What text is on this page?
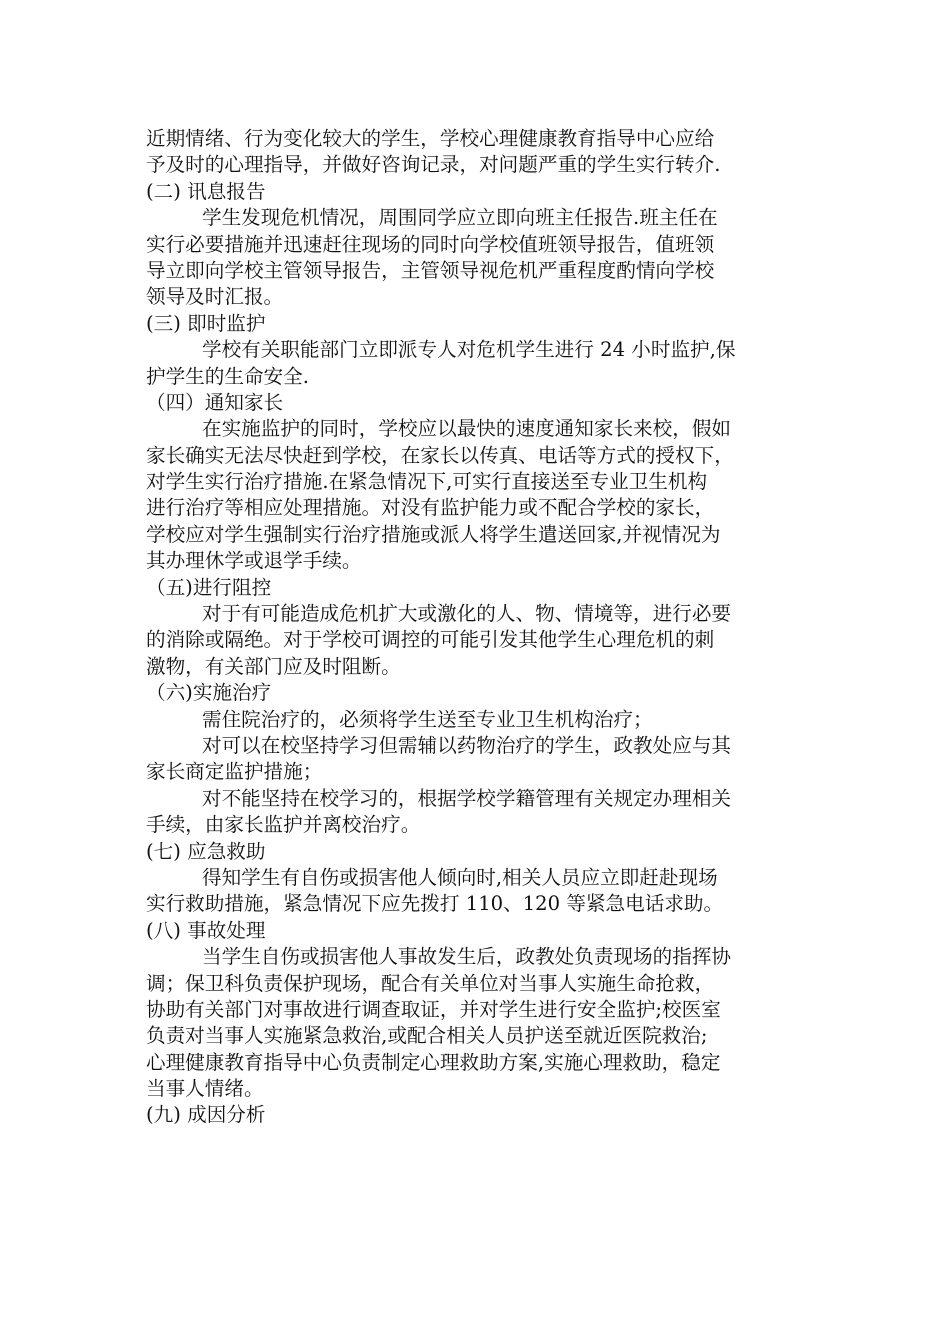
近期情绪、行为变化较大的学生，学校心理健康教育指导中心应给
予及时的心理指导，并做好咨询记录，对问题严重的学生实行转介.
(二) 讯息报告
学生发现危机情况，周围同学应立即向班主任报告.班主任在
实行必要措施并迅速赶往现场的同时向学校值班领导报告，值班领
导立即向学校主管领导报告，主管领导视危机严重程度酌情向学校
领导及时汇报。
(三) 即时监护
学校有关职能部门立即派专人对危机学生进行 24 小时监护,保
护学生的生命安全.
（四）通知家长
在实施监护的同时，学校应以最快的速度通知家长来校，假如
家长确实无法尽快赶到学校，在家长以传真、电话等方式的授权下，
对学生实行治疗措施.在紧急情况下,可实行直接送至专业卫生机构
进行治疗等相应处理措施。对没有监护能力或不配合学校的家长，
学校应对学生强制实行治疗措施或派人将学生遣送回家,并视情况为
其办理休学或退学手续。
（五)进行阻控
对于有可能造成危机扩大或激化的人、物、情境等，进行必要
的消除或隔绝。对于学校可调控的可能引发其他学生心理危机的刺
激物，有关部门应及时阻断。
（六)实施治疗
需住院治疗的，必须将学生送至专业卫生机构治疗；
对可以在校坚持学习但需辅以药物治疗的学生，政教处应与其
家长商定监护措施；
对不能坚持在校学习的，根据学校学籍管理有关规定办理相关
手续，由家长监护并离校治疗。
(七) 应急救助
得知学生有自伤或损害他人倾向时,相关人员应立即赶赴现场
实行救助措施，紧急情况下应先拨打 110、120 等紧急电话求助。
(八) 事故处理
当学生自伤或损害他人事故发生后，政教处负责现场的指挥协
调；保卫科负责保护现场，配合有关单位对当事人实施生命抢救，
协助有关部门对事故进行调查取证，并对学生进行安全监护;校医室
负责对当事人实施紧急救治,或配合相关人员护送至就近医院救治;
心理健康教育指导中心负责制定心理救助方案,实施心理救助，稳定
当事人情绪。
(九) 成因分析
